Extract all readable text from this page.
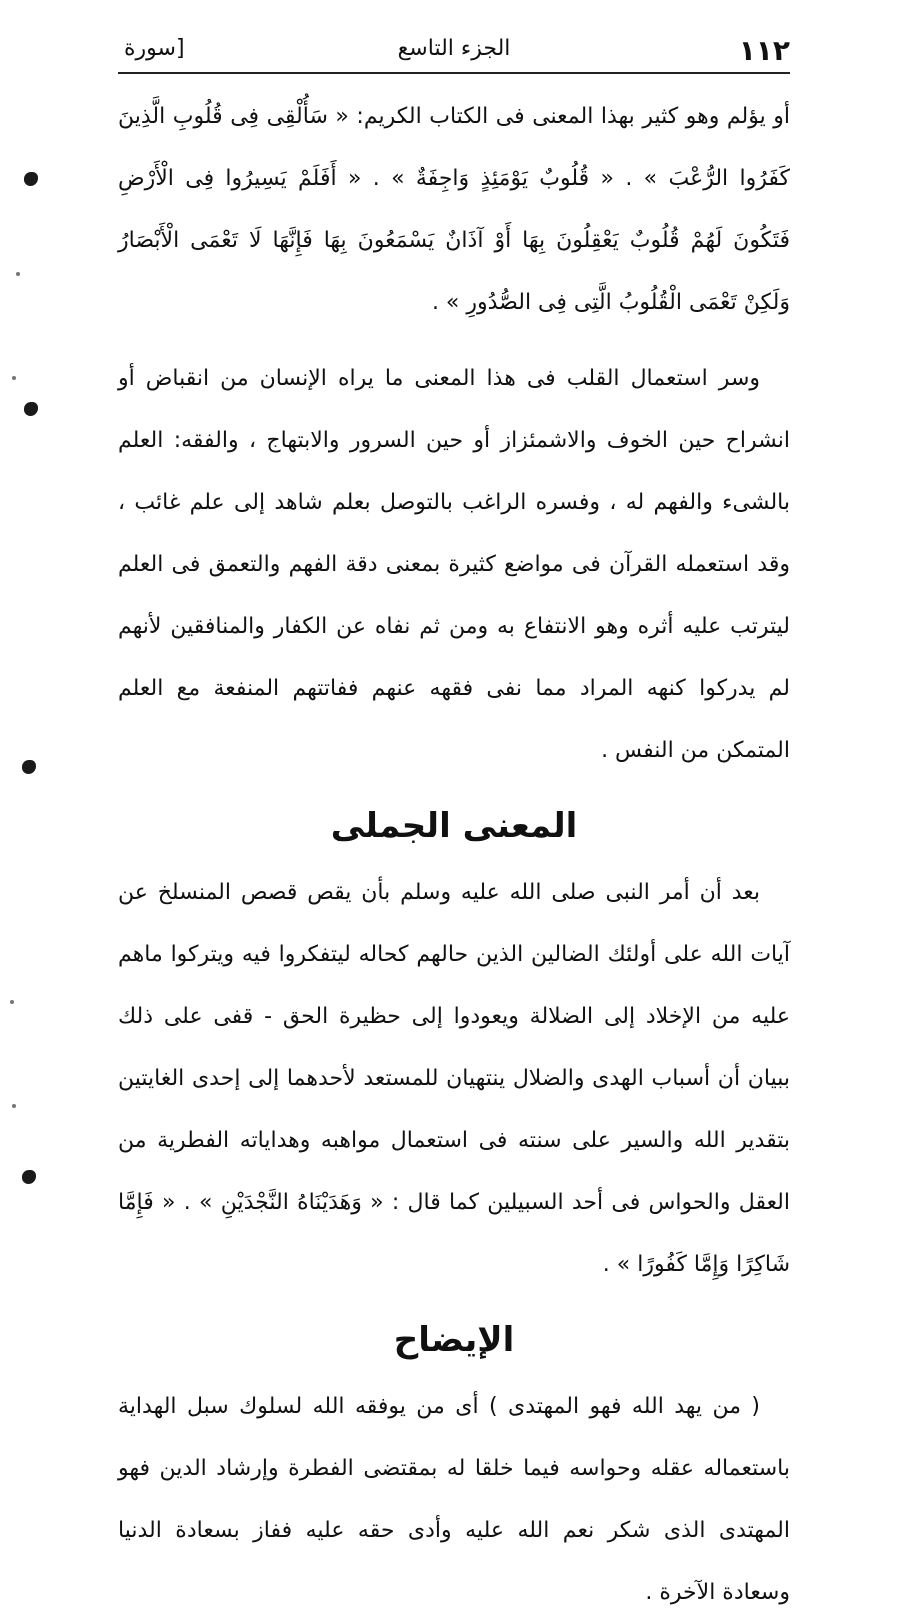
١١٢
الجزء التاسع
[سورة

أو يؤلم وهو كثير بهذا المعنى فى الكتاب الكريم: « سَأُلْقِى فِى قُلُوبِ الَّذِينَ كَفَرُوا الرُّعْبَ » . « قُلُوبٌ يَوْمَئِذٍ وَاجِفَةٌ » . « أَفَلَمْ يَسِيرُوا فِى الْأَرْضِ فَتَكُونَ لَهُمْ قُلُوبٌ يَعْقِلُونَ بِهَا أَوْ آذَانٌ يَسْمَعُونَ بِهَا فَإِنَّهَا لَا تَعْمَى الْأَبْصَارُ وَلَكِنْ تَعْمَى الْقُلُوبُ الَّتِى فِى الصُّدُورِ » .

وسر استعمال القلب فى هذا المعنى ما يراه الإنسان من انقباض أو انشراح حين الخوف والاشمئزاز أو حين السرور والابتهاج ، والفقه: العلم بالشىء والفهم له ، وفسره الراغب بالتوصل بعلم شاهد إلى علم غائب ، وقد استعمله القرآن فى مواضع كثيرة بمعنى دقة الفهم والتعمق فى العلم ليترتب عليه أثره وهو الانتفاع به ومن ثم نفاه عن الكفار والمنافقين لأنهم لم يدركوا كنهه المراد مما نفى فقهه عنهم ففاتتهم المنفعة مع العلم المتمكن من النفس .

المعنى الجملى

بعد أن أمر النبى صلى الله عليه وسلم بأن يقص قصص المنسلخ عن آيات الله على أولئك الضالين الذين حالهم كحاله ليتفكروا فيه ويتركوا ماهم عليه من الإخلاد إلى الضلالة ويعودوا إلى حظيرة الحق - قفى على ذلك ببيان أن أسباب الهدى والضلال ينتهيان للمستعد لأحدهما إلى إحدى الغايتين بتقدير الله والسير على سنته فى استعمال مواهبه وهداياته الفطرية من العقل والحواس فى أحد السبيلين كما قال : « وَهَدَيْنَاهُ النَّجْدَيْنِ » . « فَإِمَّا شَاكِرًا وَإِمَّا كَفُورًا » .

الإيضاح

( من يهد الله فهو المهتدى ) أى من يوفقه الله لسلوك سبل الهداية باستعماله عقله وحواسه فيما خلقا له بمقتضى الفطرة وإرشاد الدين فهو المهتدى الذى شكر نعم الله عليه وأدى حقه عليه ففاز بسعادة الدنيا وسعادة الآخرة .
